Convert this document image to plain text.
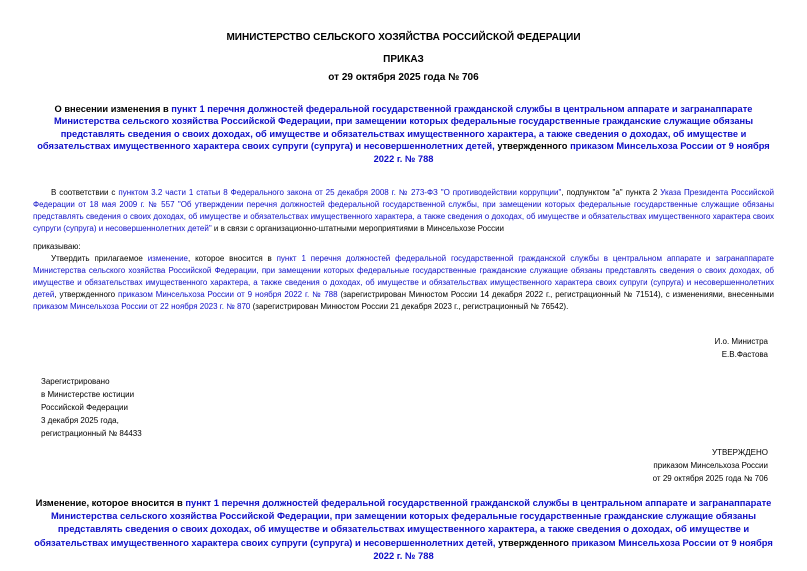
МИНИСТЕРСТВО СЕЛЬСКОГО ХОЗЯЙСТВА РОССИЙСКОЙ ФЕДЕРАЦИИ
ПРИКАЗ
от 29 октября 2025 года № 706

О внесении изменения в пункт 1 перечня должностей федеральной государственной гражданской службы в центральном аппарате и загранаппарате Министерства сельского хозяйства Российской Федерации, при замещении которых федеральные государственные гражданские служащие обязаны представлять сведения о своих доходах, об имуществе и обязательствах имущественного характера, а также сведения о доходах, об имуществе и обязательствах имущественного характера своих супруги (супруга) и несовершеннолетних детей, утвержденного приказом Минсельхоза России от 9 ноября 2022 г. № 788

В соответствии с пунктом 3.2 части 1 статьи 8 Федерального закона от 25 декабря 2008 г. № 273-ФЗ "О противодействии коррупции", подпунктом "а" пункта 2 Указа Президента Российской Федерации от 18 мая 2009 г. № 557 "Об утверждении перечня должностей федеральной государственной службы, при замещении которых федеральные государственные служащие обязаны представлять сведения о своих доходах, об имуществе и обязательствах имущественного характера, а также сведения о доходах, об имуществе и обязательствах имущественного характера своих супруги (супруга) и несовершеннолетних детей" и в связи с организационно-штатными мероприятиями в Минсельхозе России

приказываю:

Утвердить прилагаемое изменение, которое вносится в пункт 1 перечня должностей федеральной государственной гражданской службы в центральном аппарате и загранаппарате Министерства сельского хозяйства Российской Федерации, при замещении которых федеральные государственные гражданские служащие обязаны представлять сведения о своих доходах, об имуществе и обязательствах имущественного характера, а также сведения о доходах, об имуществе и обязательствах имущественного характера своих супруги (супруга) и несовершеннолетних детей, утвержденного приказом Минсельхоза России от 9 ноября 2022 г. № 788 (зарегистрирован Минюстом России 14 декабря 2022 г., регистрационный № 71514), с изменениями, внесенными приказом Минсельхоза России от 22 ноября 2023 г. № 870 (зарегистрирован Минюстом России 21 декабря 2023 г., регистрационный № 76542).

И.о. Министра
Е.В.Фастова
Зарегистрировано
в Министерстве юстиции
Российской Федерации
3 декабря 2025 года,
регистрационный № 84433
УТВЕРЖДЕНО
приказом Минсельхоза России
от 29 октября 2025 года № 706

Изменение, которое вносится в пункт 1 перечня должностей федеральной государственной гражданской службы в центральном аппарате и загранаппарате Министерства сельского хозяйства Российской Федерации, при замещении которых федеральные государственные гражданские служащие обязаны представлять сведения о своих доходах, об имуществе и обязательствах имущественного характера, а также сведения о доходах, об имуществе и обязательствах имущественного характера своих супруги (супруга) и несовершеннолетних детей, утвержденного приказом Минсельхоза России от 9 ноября 2022 г. № 788
